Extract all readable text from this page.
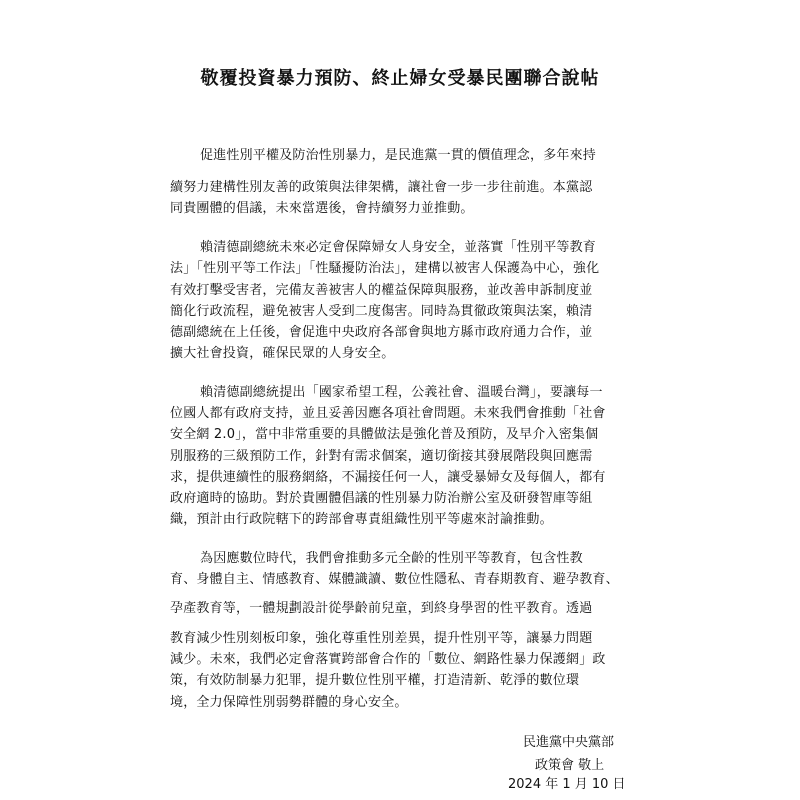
敬覆投資暴力預防、終止婦女受暴民團聯合說帖
促進性別平權及防治性別暴力，是民進黨一貫的價值理念，多年來持
續努力建構性別友善的政策與法律架構，讓社會一步一步往前進。本黨認
同貴團體的倡議，未來當選後，會持續努力並推動。
賴清德副總統未來必定會保障婦女人身安全，並落實「性別平等教育
法」「性別平等工作法」「性騷擾防治法」，建構以被害人保護為中心，強化
有效打擊受害者，完備友善被害人的權益保障與服務，並改善申訴制度並
簡化行政流程，避免被害人受到二度傷害。同時為貫徹政策與法案，賴清
德副總統在上任後，會促進中央政府各部會與地方縣市政府通力合作，並
擴大社會投資，確保民眾的人身安全。
賴清德副總統提出「國家希望工程，公義社會、溫暖台灣」，要讓每一
位國人都有政府支持，並且妥善因應各項社會問題。未來我們會推動「社會
安全網 2.0」，當中非常重要的具體做法是強化普及預防，及早介入密集個
別服務的三級預防工作，針對有需求個案，適切銜接其發展階段與回應需
求，提供連續性的服務網絡，不漏接任何一人，讓受暴婦女及每個人，都有
政府適時的協助。對於貴團體倡議的性別暴力防治辦公室及研發智庫等組
織，預計由行政院轄下的跨部會專責組織性別平等處來討論推動。
為因應數位時代，我們會推動多元全齡的性別平等教育，包含性教
育、身體自主、情感教育、媒體識讀、數位性隱私、青春期教育、避孕教育、
孕產教育等，一體規劃設計從學齡前兒童，到終身學習的性平教育。透過
教育減少性別刻板印象，強化尊重性別差異，提升性別平等，讓暴力問題
減少。未來，我們必定會落實跨部會合作的「數位、網路性暴力保護網」政
策，有效防制暴力犯罪，提升數位性別平權，打造清新、乾淨的數位環
境，全力保障性別弱勢群體的身心安全。
民進黨中央黨部
政策會 敬上
2024 年 1 月 10 日
